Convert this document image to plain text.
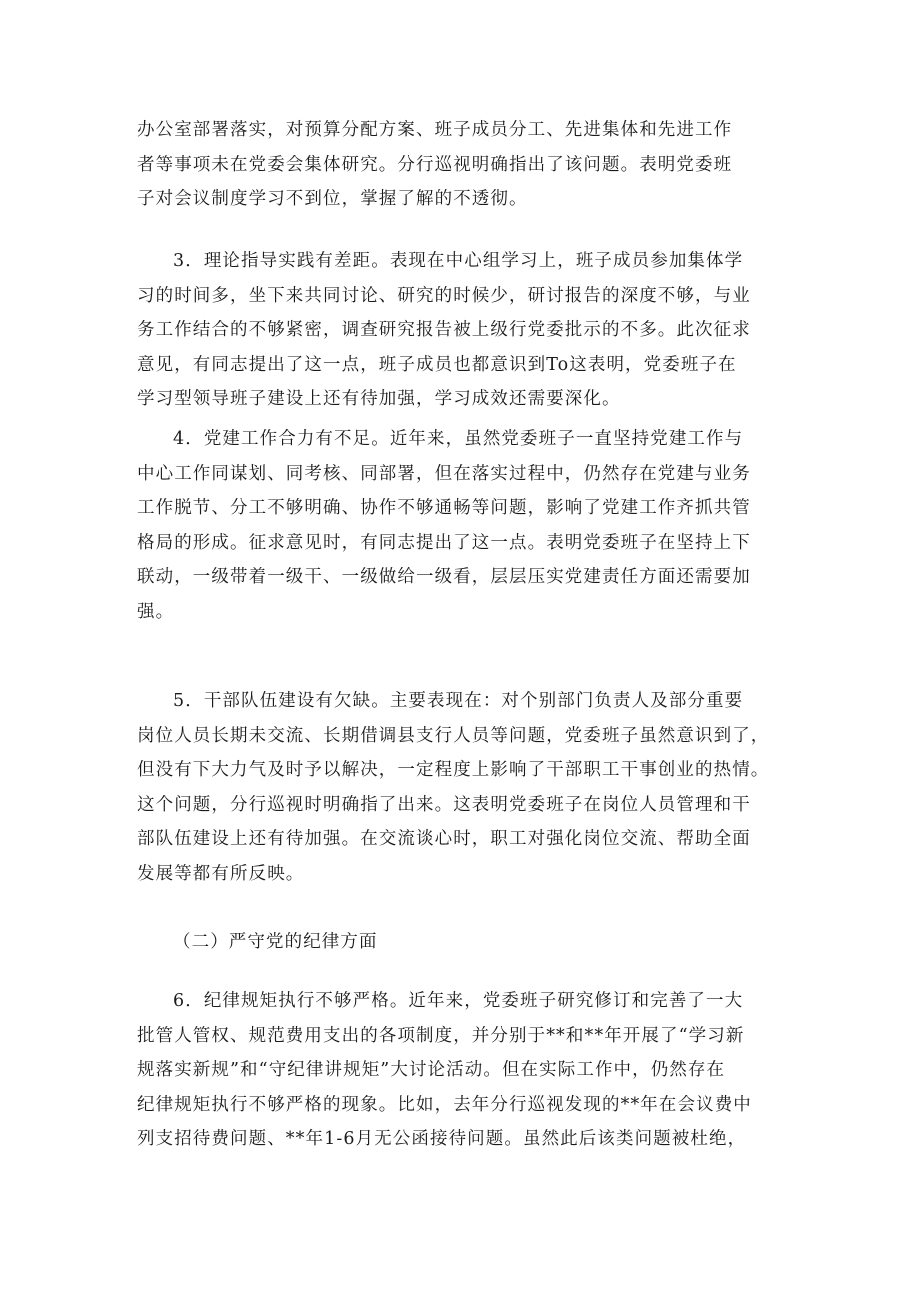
办公室部署落实，对预算分配方案、班子成员分工、先进集体和先进工作
者等事项未在党委会集体研究。分行巡视明确指出了该问题。表明党委班
子对会议制度学习不到位，掌握了解的不透彻。
3．理论指导实践有差距。表现在中心组学习上，班子成员参加集体学
习的时间多，坐下来共同讨论、研究的时候少，研讨报告的深度不够，与业
务工作结合的不够紧密，调查研究报告被上级行党委批示的不多。此次征求
意见，有同志提出了这一点，班子成员也都意识到To这表明，党委班子在
学习型领导班子建设上还有待加强，学习成效还需要深化。
4．党建工作合力有不足。近年来，虽然党委班子一直坚持党建工作与
中心工作同谋划、同考核、同部署，但在落实过程中，仍然存在党建与业务
工作脱节、分工不够明确、协作不够通畅等问题，影响了党建工作齐抓共管
格局的形成。征求意见时，有同志提出了这一点。表明党委班子在坚持上下
联动，一级带着一级干、一级做给一级看，层层压实党建责任方面还需要加
强。
5．干部队伍建设有欠缺。主要表现在：对个别部门负责人及部分重要
岗位人员长期未交流、长期借调县支行人员等问题，党委班子虽然意识到了，
但没有下大力气及时予以解决，一定程度上影响了干部职工干事创业的热情。
这个问题，分行巡视时明确指了出来。这表明党委班子在岗位人员管理和干
部队伍建设上还有待加强。在交流谈心时，职工对强化岗位交流、帮助全面
发展等都有所反映。
（二）严守党的纪律方面
6．纪律规矩执行不够严格。近年来，党委班子研究修订和完善了一大
批管人管权、规范费用支出的各项制度，并分别于**和**年开展了“学习新
规落实新规”和“守纪律讲规矩”大讨论活动。但在实际工作中，仍然存在
纪律规矩执行不够严格的现象。比如，去年分行巡视发现的**年在会议费中
列支招待费问题、**年1-6月无公函接待问题。虽然此后该类问题被杜绝，
